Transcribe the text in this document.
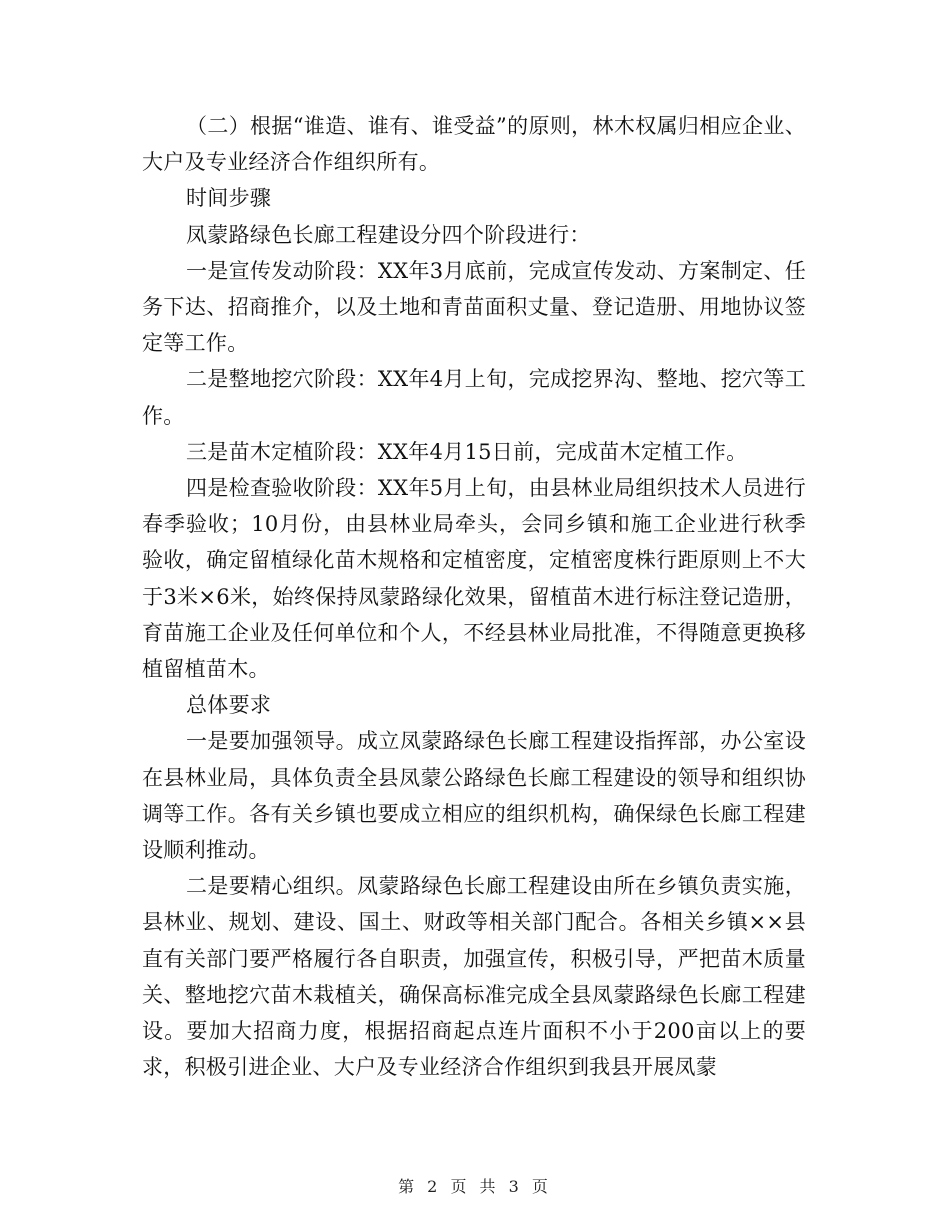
（二）根据“谁造、谁有、谁受益”的原则，林木权属归相应企业、大户及专业经济合作组织所有。

时间步骤

凤蒙路绿色长廊工程建设分四个阶段进行：

一是宣传发动阶段：XX年3月底前，完成宣传发动、方案制定、任务下达、招商推介，以及土地和青苗面积丈量、登记造册、用地协议签定等工作。

二是整地挖穴阶段：XX年4月上旬，完成挖界沟、整地、挖穴等工作。

三是苗木定植阶段：XX年4月15日前，完成苗木定植工作。

四是检查验收阶段：XX年5月上旬，由县林业局组织技术人员进行春季验收；10月份，由县林业局牵头，会同乡镇和施工企业进行秋季验收，确定留植绿化苗木规格和定植密度，定植密度株行距原则上不大于3米×6米，始终保持凤蒙路绿化效果，留植苗木进行标注登记造册，育苗施工企业及任何单位和个人，不经县林业局批准，不得随意更换移植留植苗木。

总体要求

一是要加强领导。成立凤蒙路绿色长廊工程建设指挥部，办公室设在县林业局，具体负责全县凤蒙公路绿色长廊工程建设的领导和组织协调等工作。各有关乡镇也要成立相应的组织机构，确保绿色长廊工程建设顺利推动。

二是要精心组织。凤蒙路绿色长廊工程建设由所在乡镇负责实施，县林业、规划、建设、国土、财政等相关部门配合。各相关乡镇××县直有关部门要严格履行各自职责，加强宣传，积极引导，严把苗木质量关、整地挖穴苗木栽植关，确保高标准完成全县凤蒙路绿色长廊工程建设。要加大招商力度，根据招商起点连片面积不小于200亩以上的要求，积极引进企业、大户及专业经济合作组织到我县开展凤蒙

第 2 页 共 3 页
